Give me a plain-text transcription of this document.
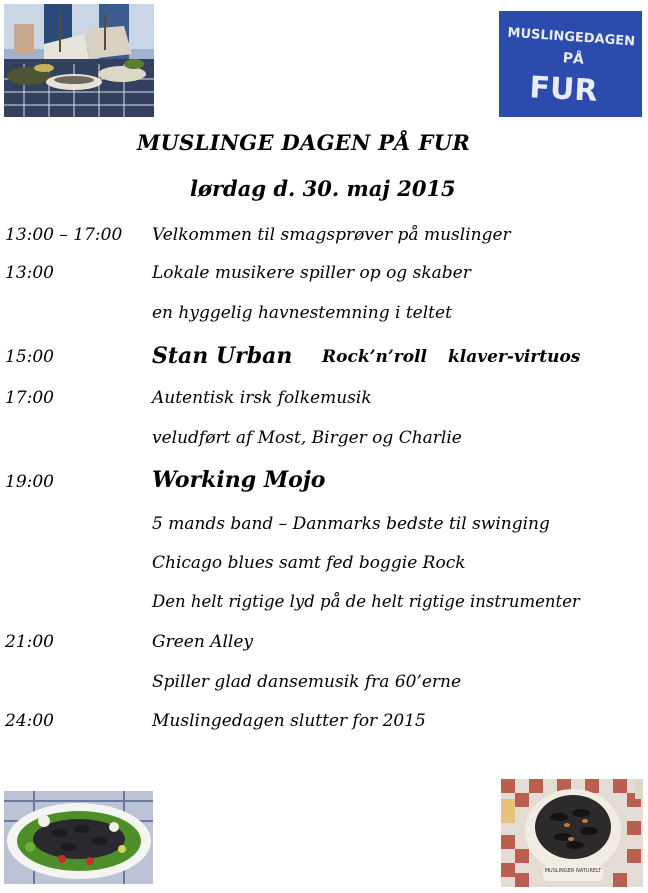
MUSLINGEDAGEN
PÅ
FUR
MUSLINGE DAGEN PÅ FUR
lørdag d. 30. maj 2015
13:00 – 17:00 Velkommen til smagsprøver på muslinger
13:00	Lokale musikere spiller op og skaber
en hyggelig havnestemning i teltet
15:00	Stan Urban Rock’n’roll klaver-virtuos
17:00	Autentisk irsk folkemusik
veludført af Most, Birger og Charlie
19:00	Working Mojo
5 mands band – Danmarks bedste til swinging
Chicago blues samt fed boggie Rock
Den helt rigtige lyd på de helt rigtige instrumenter
21:00	Green Alley
Spiller glad dansemusik fra 60’erne
24:00	Muslingedagen slutter for 2015
MUSLINGER NATURELT
